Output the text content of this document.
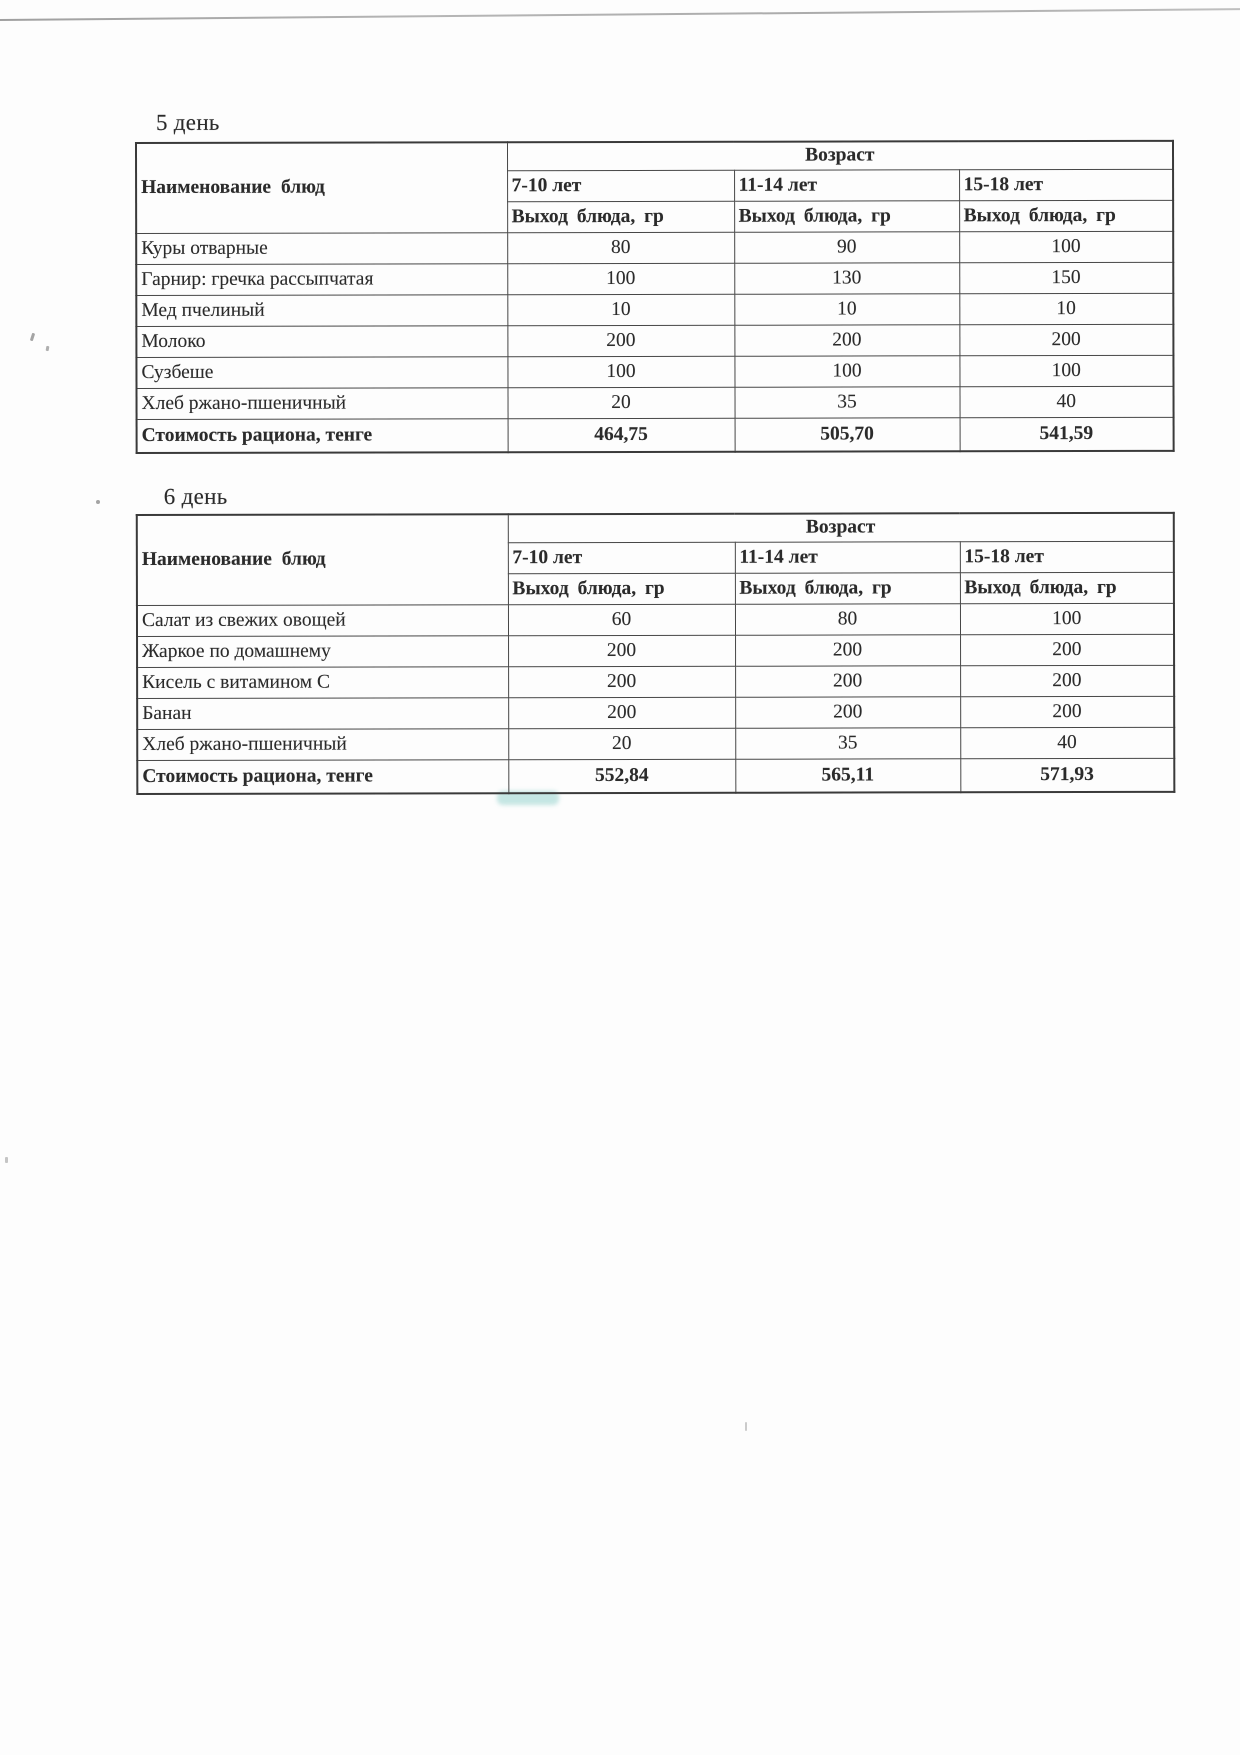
5 день
Наименование блюд	Возраст		
	7-10 лет	11-14 лет	15-18 лет
	Выход блюда, гр	Выход блюда, гр	Выход блюда, гр
Куры отварные	80	90	100
Гарнир: гречка рассыпчатая	100	130	150
Мед пчелиный	10	10	10
Молоко	200	200	200
Сузбеше	100	100	100
Хлеб ржано-пшеничный	20	35	40
Стоимость рациона, тенге	464,75	505,70	541,59
6 день
Наименование блюд	Возраст		
	7-10 лет	11-14 лет	15-18 лет
	Выход блюда, гр	Выход блюда, гр	Выход блюда, гр
Салат из свежих овощей	60	80	100
Жаркое по домашнему	200	200	200
Кисель с витамином С	200	200	200
Банан	200	200	200
Хлеб ржано-пшеничный	20	35	40
Стоимость рациона, тенге	552,84	565,11	571,93
